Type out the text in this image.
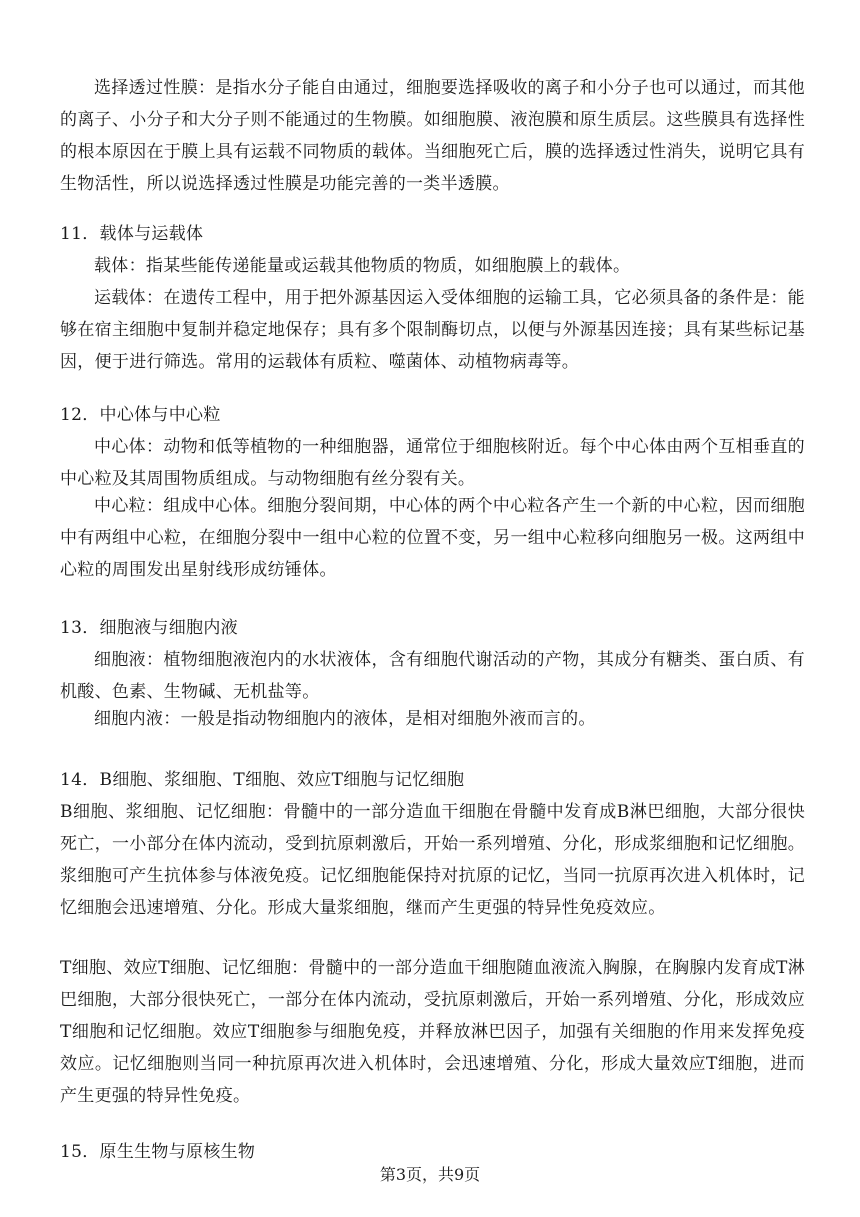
选择透过性膜：是指水分子能自由通过，细胞要选择吸收的离子和小分子也可以通过，而其他的离子、小分子和大分子则不能通过的生物膜。如细胞膜、液泡膜和原生质层。这些膜具有选择性的根本原因在于膜上具有运载不同物质的载体。当细胞死亡后，膜的选择透过性消失，说明它具有生物活性，所以说选择透过性膜是功能完善的一类半透膜。

11．载体与运载体

载体：指某些能传递能量或运载其他物质的物质，如细胞膜上的载体。

运载体：在遗传工程中，用于把外源基因运入受体细胞的运输工具，它必须具备的条件是：能够在宿主细胞中复制并稳定地保存；具有多个限制酶切点，以便与外源基因连接；具有某些标记基因，便于进行筛选。常用的运载体有质粒、噬菌体、动植物病毒等。

12．中心体与中心粒

中心体：动物和低等植物的一种细胞器，通常位于细胞核附近。每个中心体由两个互相垂直的中心粒及其周围物质组成。与动物细胞有丝分裂有关。

中心粒：组成中心体。细胞分裂间期，中心体的两个中心粒各产生一个新的中心粒，因而细胞中有两组中心粒，在细胞分裂中一组中心粒的位置不变，另一组中心粒移向细胞另一极。这两组中心粒的周围发出星射线形成纺锤体。

13．细胞液与细胞内液

细胞液：植物细胞液泡内的水状液体，含有细胞代谢活动的产物，其成分有糖类、蛋白质、有机酸、色素、生物碱、无机盐等。

细胞内液：一般是指动物细胞内的液体，是相对细胞外液而言的。

14．B细胞、浆细胞、T细胞、效应T细胞与记忆细胞

B细胞、浆细胞、记忆细胞：骨髓中的一部分造血干细胞在骨髓中发育成B淋巴细胞，大部分很快死亡，一小部分在体内流动，受到抗原刺激后，开始一系列增殖、分化，形成浆细胞和记忆细胞。浆细胞可产生抗体参与体液免疫。记忆细胞能保持对抗原的记忆，当同一抗原再次进入机体时，记忆细胞会迅速增殖、分化。形成大量浆细胞，继而产生更强的特异性免疫效应。

T细胞、效应T细胞、记忆细胞：骨髓中的一部分造血干细胞随血液流入胸腺，在胸腺内发育成T淋巴细胞，大部分很快死亡，一部分在体内流动，受抗原刺激后，开始一系列增殖、分化，形成效应T细胞和记忆细胞。效应T细胞参与细胞免疫，并释放淋巴因子，加强有关细胞的作用来发挥免疫效应。记忆细胞则当同一种抗原再次进入机体时，会迅速增殖、分化，形成大量效应T细胞，进而产生更强的特异性免疫。

15．原生生物与原核生物
第3页，共9页
